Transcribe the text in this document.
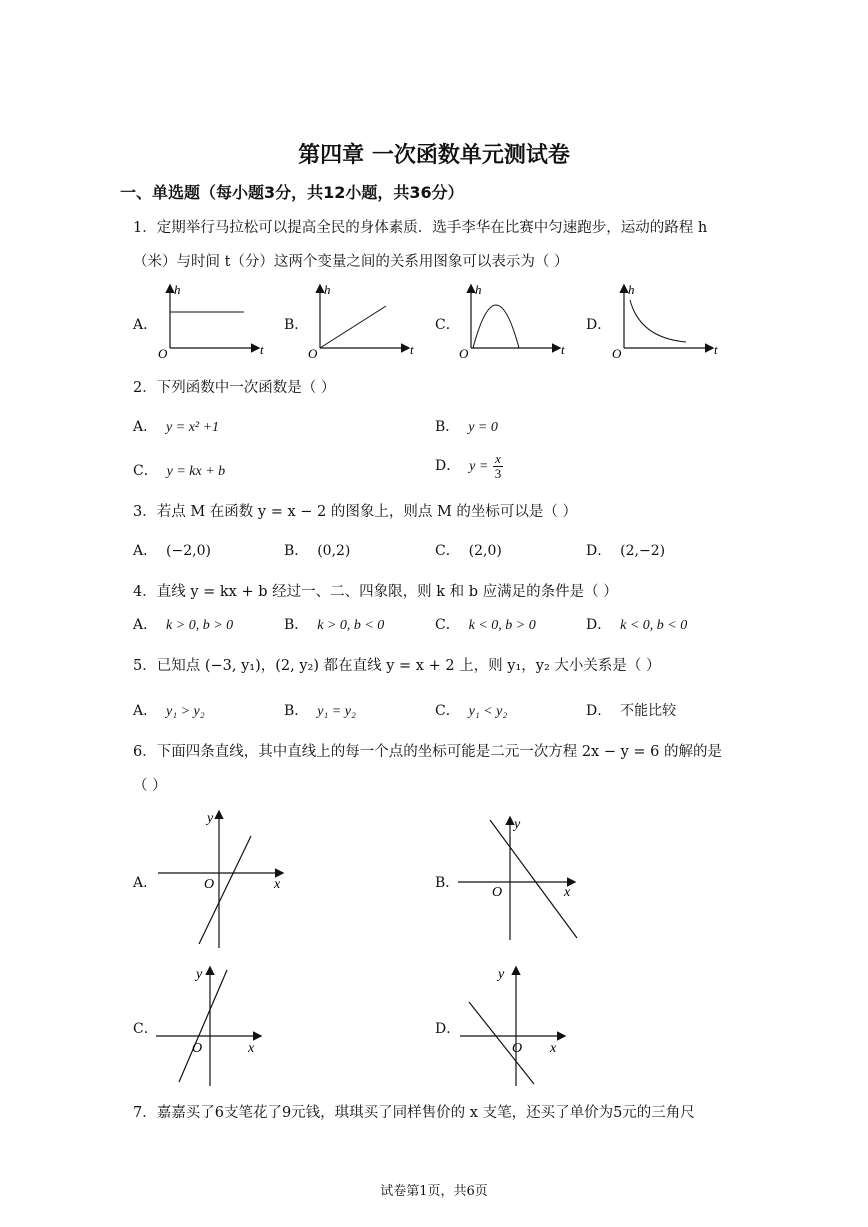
第四章 一次函数单元测试卷
一、单选题（每小题3分，共12小题，共36分）
1．定期举行马拉松可以提高全民的身体素质．选手李华在比赛中匀速跑步，运动的路程 h
（米）与时间 t（分）这两个变量之间的关系用图象可以表示为（ ）
A．	B．	C．	D．
h
t
O
h
t
O
h
t
O
h
t
O
2．下列函数中一次函数是（ ）
A． y = x² +1	B． y = 0
C． y = kx + b	D． $y = \frac{x}{3}$
3．若点 M 在函数 y = x − 2 的图象上，则点 M 的坐标可以是（ ）
A． (−2,0)	B． (0,2)	C． (2,0)	D． (2,−2)
4．直线 y = kx + b 经过一、二、四象限，则 k 和 b 应满足的条件是（ ）
A． k > 0, b > 0	B． k > 0, b < 0	C． k < 0, b > 0	D． k < 0, b < 0
5．已知点 (−3, y₁)，(2, y₂) 都在直线 y = x + 2 上，则 y₁，y₂ 大小关系是（ ）
A． y₁ > y₂	B． y₁ = y₂	C． y₁ < y₂	D． 不能比较
6．下面四条直线，其中直线上的每一个点的坐标可能是二元一次方程 2x − y = 6 的解的是
（ ）
A．	B．
C．	D．
y
x
O
y
x
O
y
x
O
y
x
O
7．嘉嘉买了6支笔花了9元钱，琪琪买了同样售价的 x 支笔，还买了单价为5元的三角尺
试卷第1页，共6页
